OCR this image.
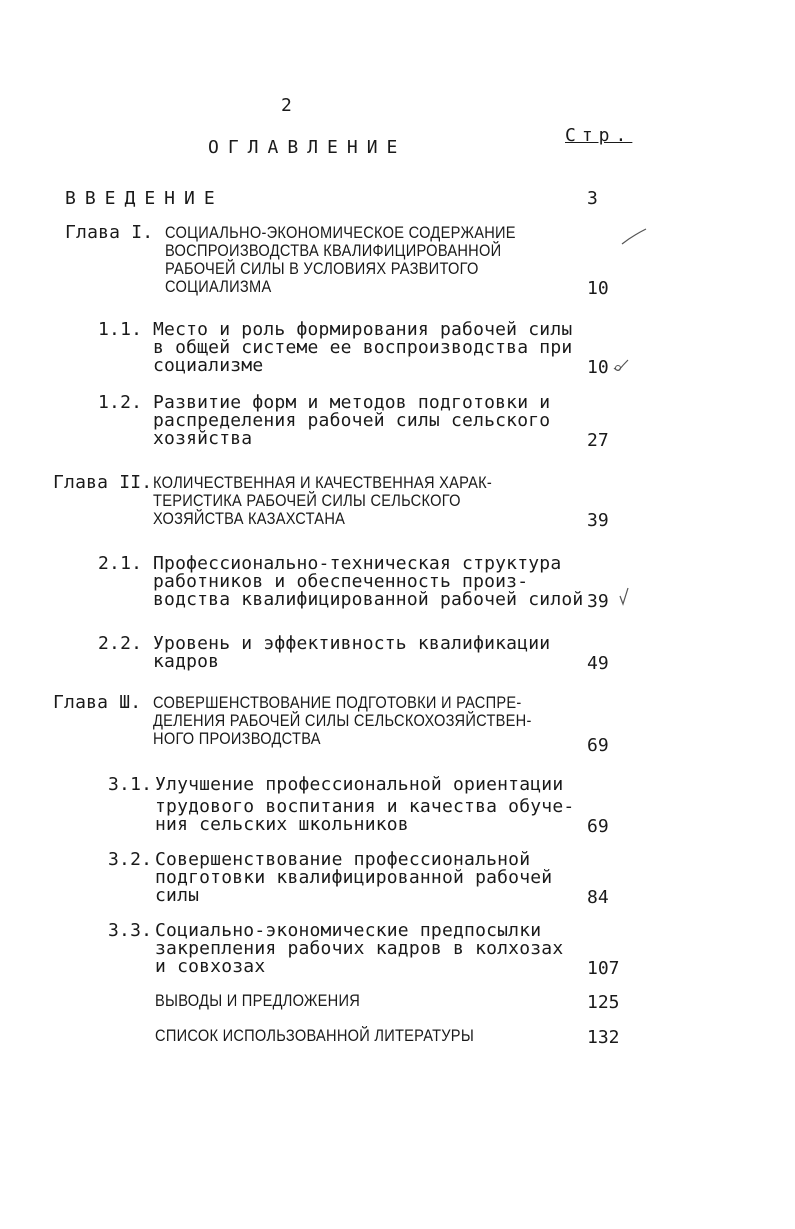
2
ОГЛАВЛЕНИЕ
Стр.
ВВЕДЕНИЕ	3
Глава I. СОЦИАЛЬНО-ЭКОНОМИЧЕСКОЕ СОДЕРЖАНИЕ
ВОСПРОИЗВОДСТВА КВАЛИФИЦИРОВАННОЙ
РАБОЧЕЙ СИЛЫ В УСЛОВИЯХ РАЗВИТОГО
СОЦИАЛИЗМА	10
1.1. Место и роль формирования рабочей силы
в общей системе ее воспроизводства при
социализме	10
1.2. Развитие форм и методов подготовки и
распределения рабочей силы сельского
хозяйства	27
Глава II. КОЛИЧЕСТВЕННАЯ И КАЧЕСТВЕННАЯ ХАРАК-
ТЕРИСТИКА РАБОЧЕЙ СИЛЫ СЕЛЬСКОГО
ХОЗЯЙСТВА КАЗАХСТАНА	39
2.1. Профессионально-техническая структура
работников и обеспеченность произ-
водства квалифицированной рабочей силой 39
2.2. Уровень и эффективность квалификации
кадров	49
Глава Ш. СОВЕРШЕНСТВОВАНИЕ ПОДГОТОВКИ И РАСПРЕ-
ДЕЛЕНИЯ РАБОЧЕЙ СИЛЫ СЕЛЬСКОХОЗЯЙСТВЕН-
НОГО ПРОИЗВОДСТВА	69
3.1. Улучшение профессиональной ориентации
трудового воспитания и качества обуче-
ния сельских школьников	69
3.2. Совершенствование профессиональной
подготовки квалифицированной рабочей
силы	84
3.3. Социально-экономические предпосылки
закрепления рабочих кадров в колхозах
и совхозах	107
ВЫВОДЫ И ПРЕДЛОЖЕНИЯ	125
СПИСОК ИСПОЛЬЗОВАННОЙ ЛИТЕРАТУРЫ	132
